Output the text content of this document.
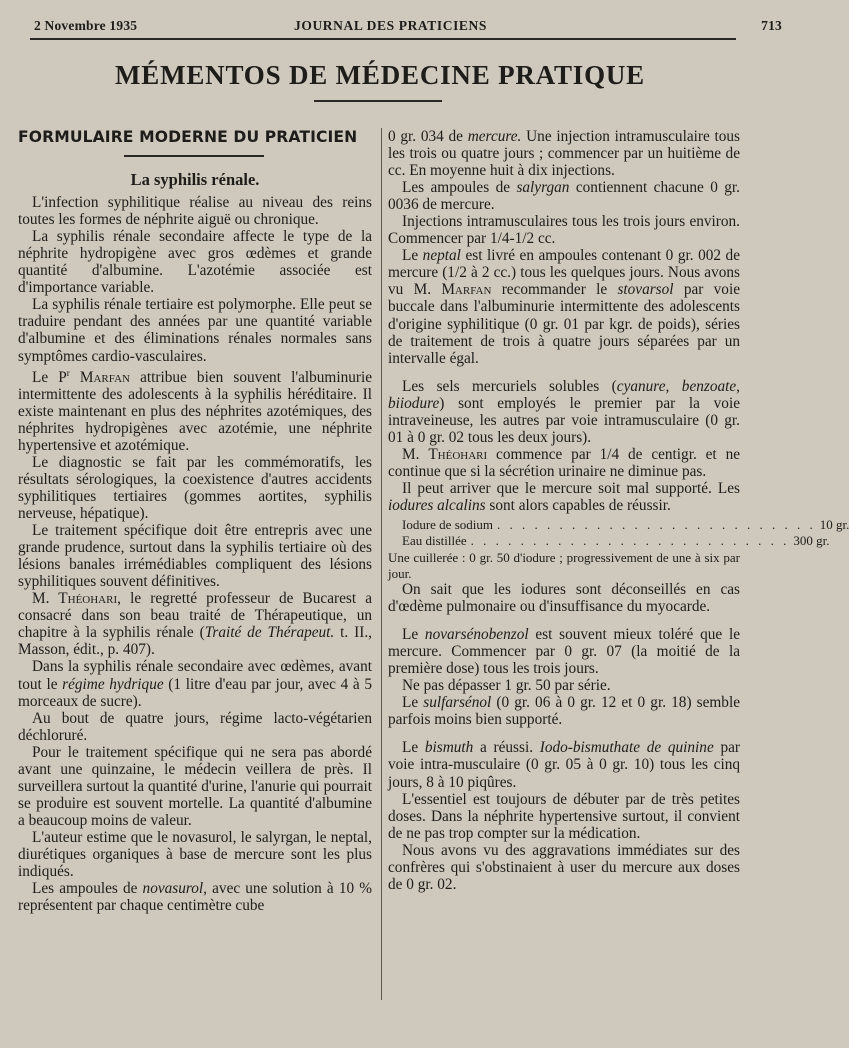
2 Novembre 1935	JOURNAL DES PRATICIENS	713
MÉMENTOS DE MÉDECINE PRATIQUE
FORMULAIRE MODERNE DU PRATICIEN
La syphilis rénale.

L'infection syphilitique réalise au niveau des reins toutes les formes de néphrite aiguë ou chronique.

La syphilis rénale secondaire affecte le type de la néphrite hydropigène avec gros œdèmes et grande quantité d'albumine. L'azotémie associée est d'importance variable.

La syphilis rénale tertiaire est polymorphe. Elle peut se traduire pendant des années par une quantité variable d'albumine et des éliminations rénales normales sans symptômes cardio-vasculaires.

Le $P^r$ Marfan attribue bien souvent l'albuminurie intermittente des adolescents à la syphilis héréditaire. Il existe maintenant en plus des néphrites azotémiques, des néphrites hydropigènes avec azotémie, une néphrite hypertensive et azotémique.

Le diagnostic se fait par les commémoratifs, les résultats sérologiques, la coexistence d'autres accidents syphilitiques tertiaires (gommes aortites, syphilis nerveuse, hépatique).

Le traitement spécifique doit être entrepris avec une grande prudence, surtout dans la syphilis tertiaire où des lésions banales irrémédiables compliquent des lésions syphilitiques souvent définitives.

M. Théohari, le regretté professeur de Bucarest a consacré dans son beau traité de Thérapeutique, un chapitre à la syphilis rénale (Traité de Thérapeut. t. II., Masson, édit., p. 407).

Dans la syphilis rénale secondaire avec œdèmes, avant tout le régime hydrique (1 litre d'eau par jour, avec 4 à 5 morceaux de sucre).

Au bout de quatre jours, régime lacto-végétarien déchloruré.

Pour le traitement spécifique qui ne sera pas abordé avant une quinzaine, le médecin veillera de près. Il surveillera surtout la quantité d'urine, l'anurie qui pourrait se produire est souvent mortelle. La quantité d'albumine a beaucoup moins de valeur.

L'auteur estime que le novasurol, le salyrgan, le neptal, diurétiques organiques à base de mercure sont les plus indiqués.

Les ampoules de novasurol, avec une solution à 10 % représentent par chaque centimètre cube

0 gr. 034 de mercure. Une injection intramusculaire tous les trois ou quatre jours ; commencer par un huitième de cc. En moyenne huit à dix injections.

Les ampoules de salyrgan contiennent chacune 0 gr. 0036 de mercure.

Injections intramusculaires tous les trois jours environ. Commencer par 1/4-1/2 cc.

Le neptal est livré en ampoules contenant 0 gr. 002 de mercure (1/2 à 2 cc.) tous les quelques jours. Nous avons vu M. Marfan recommander le stovarsol par voie buccale dans l'albuminurie intermittente des adolescents d'origine syphilitique (0 gr. 01 par kgr. de poids), séries de traitement de trois à quatre jours séparées par un intervalle égal.

Les sels mercuriels solubles (cyanure, benzoate, biiodure) sont employés le premier par la voie intraveineuse, les autres par voie intramusculaire (0 gr. 01 à 0 gr. 02 tous les deux jours).

M. Théohari commence par 1/4 de centigr. et ne continue que si la sécrétion urinaire ne diminue pas.

Il peut arriver que le mercure soit mal supporté. Les iodures alcalins sont alors capables de réussir.

Iodure de sodium . . . . . . . . . . . . . . . . . . . . . . . . . . 10 gr.
Eau distillée . . . . . . . . . . . . . . . . . . . . . . . . . . 300 gr.

Une cuillerée : 0 gr. 50 d'iodure ; progressivement de une à six par jour.

On sait que les iodures sont déconseillés en cas d'œdème pulmonaire ou d'insuffisance du myocarde.

Le novarsénobenzol est souvent mieux toléré que le mercure. Commencer par 0 gr. 07 (la moitié de la première dose) tous les trois jours.

Ne pas dépasser 1 gr. 50 par série.

Le sulfarsénol (0 gr. 06 à 0 gr. 12 et 0 gr. 18) semble parfois moins bien supporté.

Le bismuth a réussi. Iodo-bismuthate de quinine par voie intra-musculaire (0 gr. 05 à 0 gr. 10) tous les cinq jours, 8 à 10 piqûres.

L'essentiel est toujours de débuter par de très petites doses. Dans la néphrite hypertensive surtout, il convient de ne pas trop compter sur la médication.

Nous avons vu des aggravations immédiates sur des confrères qui s'obstinaient à user du mercure aux doses de 0 gr. 02.
